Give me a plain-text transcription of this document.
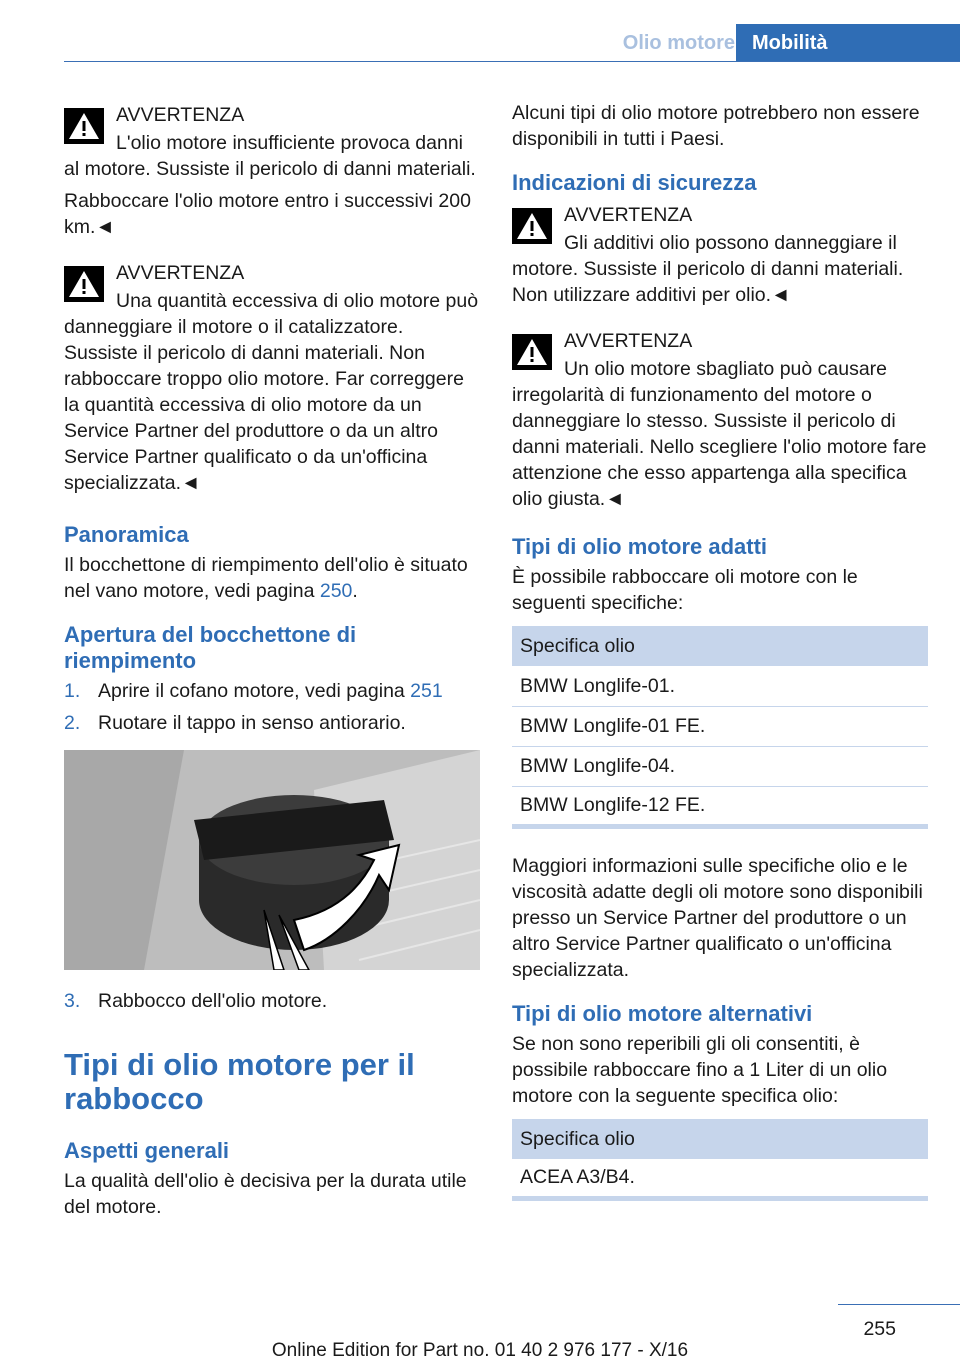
Olio motore Mobilità
AVVERTENZA
L'olio motore insufficiente provoca danni al motore. Sussiste il pericolo di danni materiali.
Rabboccare l'olio motore entro i successivi 200 km.◄
AVVERTENZA
Una quantità eccessiva di olio motore può danneggiare il motore o il catalizzatore. Sussiste il pericolo di danni materiali. Non rabboccare troppo olio motore. Far correggere la quantità eccessiva di olio motore da un Service Partner del produttore o da un altro Service Partner qualificato o da un'officina specializzata.◄
Panoramica
Il bocchettone di riempimento dell'olio è situato nel vano motore, vedi pagina 250.
Apertura del bocchettone di riempimento
1. Aprire il cofano motore, vedi pagina 251
2. Ruotare il tappo in senso antiorario.
3. Rabbocco dell'olio motore.
Tipi di olio motore per il rabbocco
Aspetti generali
La qualità dell'olio è decisiva per la durata utile del motore.
Alcuni tipi di olio motore potrebbero non essere disponibili in tutti i Paesi.
Indicazioni di sicurezza
AVVERTENZA
Gli additivi olio possono danneggiare il motore. Sussiste il pericolo di danni materiali. Non utilizzare additivi per olio.◄
AVVERTENZA
Un olio motore sbagliato può causare irregolarità di funzionamento del motore o danneggiare lo stesso. Sussiste il pericolo di danni materiali. Nello scegliere l'olio motore fare attenzione che esso appartenga alla specifica olio giusta.◄
Tipi di olio motore adatti
È possibile rabboccare oli motore con le seguenti specifiche:
Specifica olio
BMW Longlife-01.
BMW Longlife-01 FE.
BMW Longlife-04.
BMW Longlife-12 FE.
Maggiori informazioni sulle specifiche olio e le viscosità adatte degli oli motore sono disponibili presso un Service Partner del produttore o un altro Service Partner qualificato o un'officina specializzata.
Tipi di olio motore alternativi
Se non sono reperibili gli oli consentiti, è possibile rabboccare fino a 1 Liter di un olio motore con la seguente specifica olio:
Specifica olio
ACEA A3/B4.
255
Online Edition for Part no. 01 40 2 976 177 - X/16
